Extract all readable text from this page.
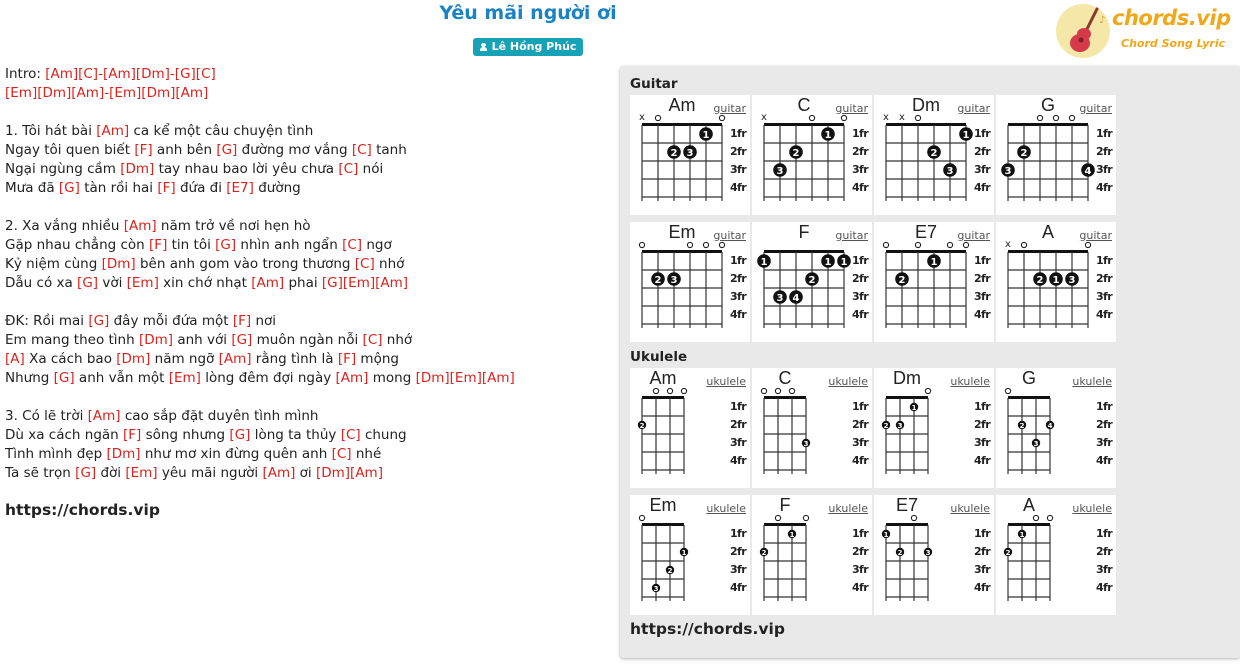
Yêu mãi người ơi
Lê Hồng Phúc
♪ chords.vip
Chord Song Lyric
Intro: [Am][C]-[Am][Dm]-[G][C]
[Em][Dm][Am]-[Em][Dm][Am]
1. Tôi hát bài [Am] ca kể một câu chuyện tình
Ngay tôi quen biết [F] anh bên [G] đường mơ vắng [C] tanh
Ngại ngùng cầm [Dm] tay nhau bao lời yêu chưa [C] nói
Mưa đã [G] tàn rồi hai [F] đứa đi [E7] đường
2. Xa vắng nhiều [Am] năm trở về nơi hẹn hò
Gặp nhau chẳng còn [F] tin tôi [G] nhìn anh ngẩn [C] ngơ
Kỷ niệm cùng [Dm] bên anh gom vào trong thương [C] nhớ
Dẫu có xa [G] vời [Em] xin chớ nhạt [Am] phai [G][Em][Am]
ĐK: Rồi mai [G] đây mỗi đứa một [F] nơi
Em mang theo tình [Dm] anh với [G] muôn ngàn nỗi [C] nhớ
[A] Xa cách bao [Dm] năm ngỡ [Am] rằng tình là [F] mộng
Nhưng [G] anh vẫn một [Em] lòng đêm đợi ngày [Am] mong [Dm][Em][Am]
3. Có lẽ trời [Am] cao sắp đặt duyên tình mình
Dù xa cách ngăn [F] sông nhưng [G] lòng ta thủy [C] chung
Tình mình đẹp [Dm] như mơ xin đừng quên anh [C] nhé
Ta sẽ trọn [G] đời [Em] yêu mãi người [Am] ơi [Dm][Am]
https://chords.vip
Guitar
Ukulele
https://chords.vip
Am guitar
x
2 3
1 1fr
2fr
3fr
4fr
C	guitar
x
3
2
1 1fr
2fr
3fr
4fr
Dm guitar
x x
2
3
1 1fr
2fr
3fr
4fr
G	guitar
3
2
4
1fr
2fr
3fr
4fr
Em guitar
2 3
1fr
2fr
3fr
4fr
F	guitar
1
3 4
2
1 1 1fr
2fr
3fr
4fr
E7	guitar
2
1	1fr
2fr
3fr
4fr
A	guitar
x
2 1 3
1fr
2fr
3fr
4fr
Am	ukulele
2
1fr
2fr
3fr
4fr
C	ukulele
3
1fr
2fr
3fr
4fr
Dm	ukulele
2 3
1	1fr
2fr
3fr
4fr
G	ukulele
2
3
4
1fr
2fr
3fr
4fr
Em	ukulele
3
2
1
1fr
2fr
3fr
4fr
F	ukulele
2
1	1fr
2fr
3fr
4fr
E7	ukulele
1
2	3
1fr
2fr
3fr
4fr
A	ukulele
2
1	1fr
2fr
3fr
4fr
